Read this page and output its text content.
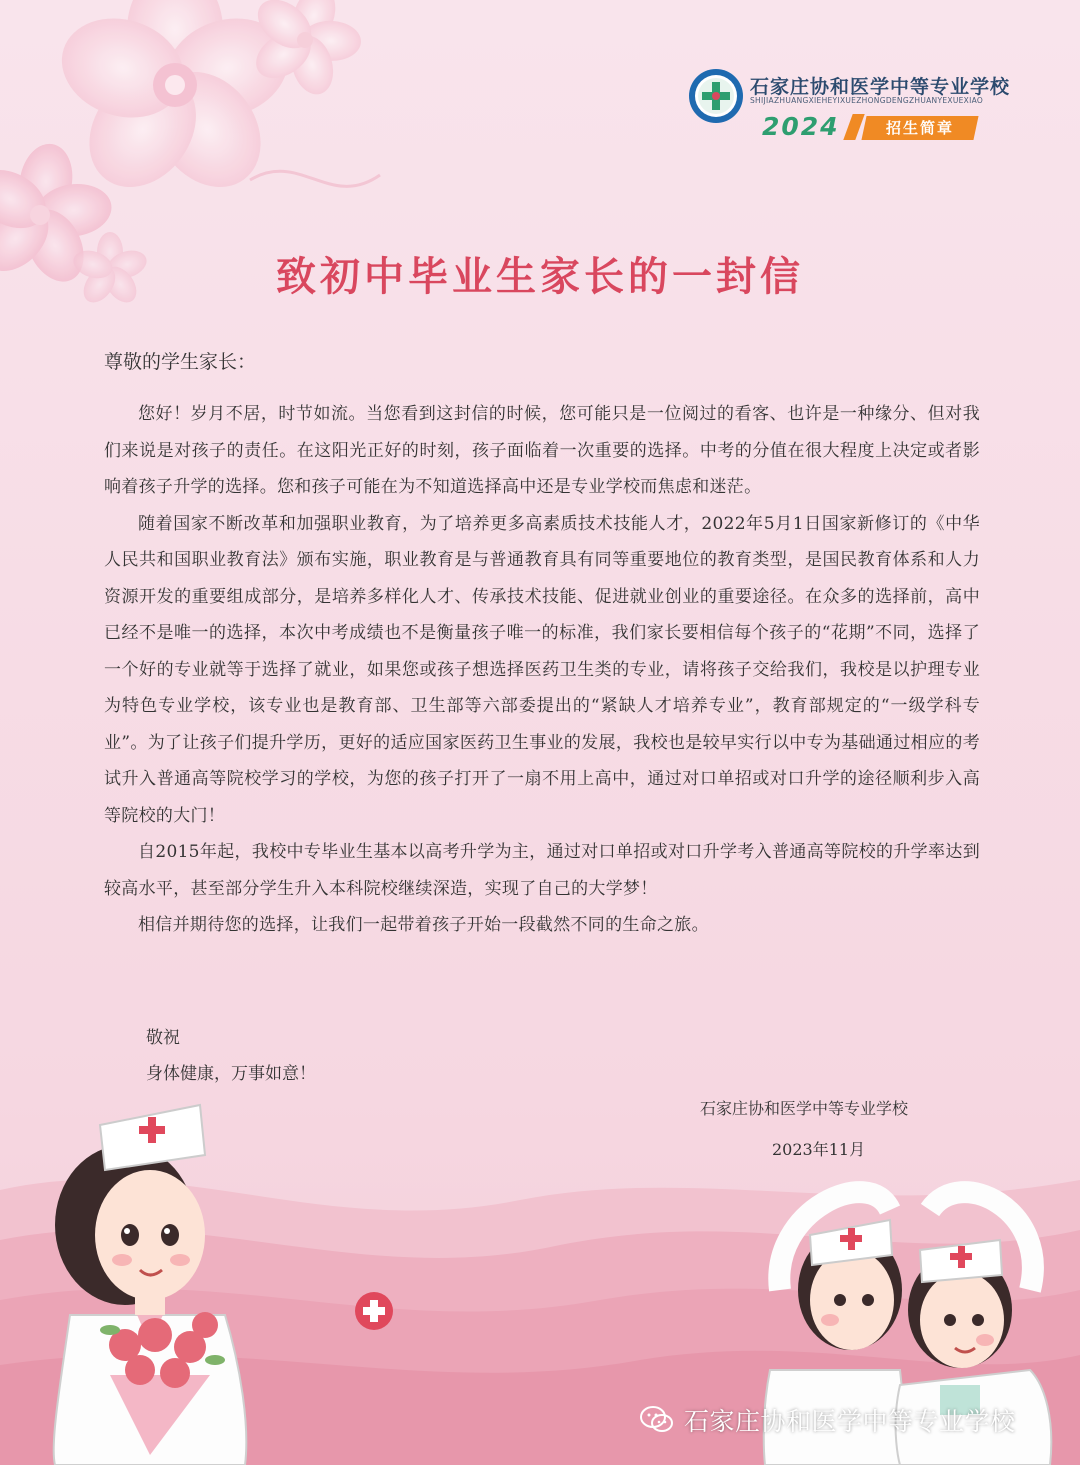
石家庄协和医学中等专业学校
SHIJIAZHUANGXIEHEYIXUEZHONGDENGZHUANYEXUEXIAO
2024	招生简章
致初中毕业生家长的一封信
尊敬的学生家长：

您好！岁月不居，时节如流。当您看到这封信的时候，您可能只是一位阅过的看客、也许是一种缘分、但对我们来说是对孩子的责任。在这阳光正好的时刻，孩子面临着一次重要的选择。中考的分值在很大程度上决定或者影响着孩子升学的选择。您和孩子可能在为不知道选择高中还是专业学校而焦虑和迷茫。

随着国家不断改革和加强职业教育，为了培养更多高素质技术技能人才，2022年5月1日国家新修订的《中华人民共和国职业教育法》颁布实施，职业教育是与普通教育具有同等重要地位的教育类型，是国民教育体系和人力资源开发的重要组成部分，是培养多样化人才、传承技术技能、促进就业创业的重要途径。在众多的选择前，高中已经不是唯一的选择，本次中考成绩也不是衡量孩子唯一的标准，我们家长要相信每个孩子的“花期”不同，选择了一个好的专业就等于选择了就业，如果您或孩子想选择医药卫生类的专业，请将孩子交给我们，我校是以护理专业为特色专业学校，该专业也是教育部、卫生部等六部委提出的“紧缺人才培养专业”，教育部规定的“一级学科专业”。为了让孩子们提升学历，更好的适应国家医药卫生事业的发展，我校也是较早实行以中专为基础通过相应的考试升入普通高等院校学习的学校，为您的孩子打开了一扇不用上高中，通过对口单招或对口升学的途径顺利步入高等院校的大门！

自2015年起，我校中专毕业生基本以高考升学为主，通过对口单招或对口升学考入普通高等院校的升学率达到较高水平，甚至部分学生升入本科院校继续深造，实现了自己的大学梦！

相信并期待您的选择，让我们一起带着孩子开始一段截然不同的生命之旅。

敬祝
身体健康，万事如意！
石家庄协和医学中等专业学校
2023年11月
石家庄协和医学中等专业学校
